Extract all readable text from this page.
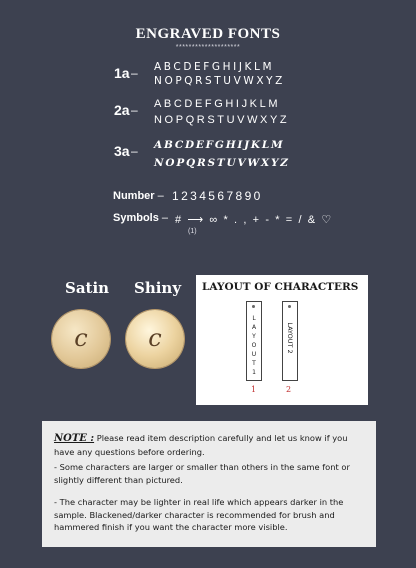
ENGRAVED FONTS
********************
1a – ABCDEFGHIJKLM
NOPQRSTUVWXYZ
2a – ABCDEFGHIJKLM
NOPQRSTUVWXYZ
3a – ABCDEFGHIJKLM
NOPQRSTUVWXYZ
Number – 1234567890
Symbols – # ⟶ ∞ * . , + - * = / & ♡
(1)
Satin Shiny
c	c
LAYOUT OF CHARACTERS
L
A
Y
O
U
T
1
1
LAYOUT 2
2

NOTE : Please read item description carefully and let us know if you have any questions before ordering.

- Some characters are larger or smaller than others in the same font or slightly different than pictured.

- The character may be lighter in real life which appears darker in the sample. Blackened/darker character is recommended for brush and hammered finish if you want the character more visible.
